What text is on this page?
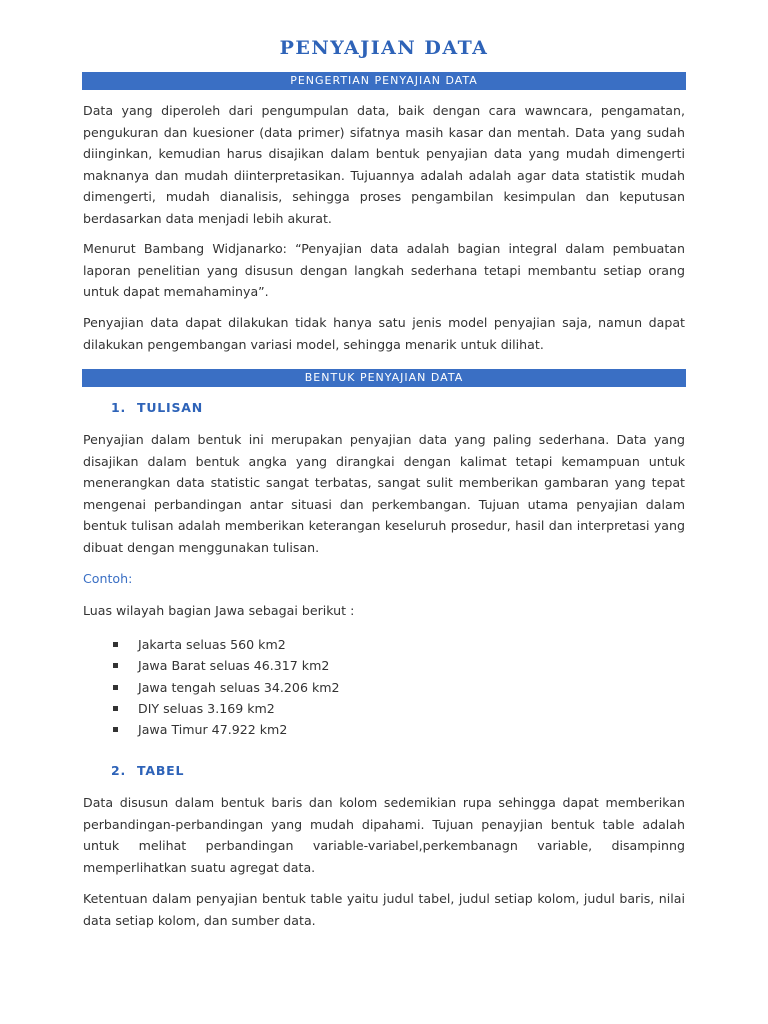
PENYAJIAN DATA
PENGERTIAN PENYAJIAN DATA

Data yang diperoleh dari pengumpulan data, baik dengan cara wawncara, pengamatan, pengukuran dan kuesioner (data primer) sifatnya masih kasar dan mentah. Data yang sudah diinginkan, kemudian harus disajikan dalam bentuk penyajian data yang mudah dimengerti maknanya dan mudah diinterpretasikan. Tujuannya adalah adalah agar data statistik mudah dimengerti, mudah dianalisis, sehingga proses pengambilan kesimpulan dan keputusan berdasarkan data menjadi lebih akurat.

Menurut Bambang Widjanarko: “Penyajian data adalah bagian integral dalam pembuatan laporan penelitian yang disusun dengan langkah sederhana tetapi membantu setiap orang untuk dapat memahaminya”.

Penyajian data dapat dilakukan tidak hanya satu jenis model penyajian saja, namun dapat dilakukan pengembangan variasi model, sehingga menarik untuk dilihat.

BENTUK PENYAJIAN DATA
1. TULISAN

Penyajian dalam bentuk ini merupakan penyajian data yang paling sederhana. Data yang disajikan dalam bentuk angka yang dirangkai dengan kalimat tetapi kemampuan untuk menerangkan data statistic sangat terbatas, sangat sulit memberikan gambaran yang tepat mengenai perbandingan antar situasi dan perkembangan. Tujuan utama penyajian dalam bentuk tulisan adalah memberikan keterangan keseluruh prosedur, hasil dan interpretasi yang dibuat dengan menggunakan tulisan.

Contoh:

Luas wilayah bagian Jawa sebagai berikut :

Jakarta seluas 560 km2
Jawa Barat seluas 46.317 km2
Jawa tengah seluas 34.206 km2
DIY seluas 3.169 km2
Jawa Timur 47.922 km2
2. TABEL

Data disusun dalam bentuk baris dan kolom sedemikian rupa sehingga dapat memberikan perbandingan-perbandingan yang mudah dipahami. Tujuan penayjian bentuk table adalah untuk melihat perbandingan variable-variabel,perkembanagn variable, disampinng memperlihatkan suatu agregat data.

Ketentuan dalam penyajian bentuk table yaitu judul tabel, judul setiap kolom, judul baris, nilai data setiap kolom, dan sumber data.
